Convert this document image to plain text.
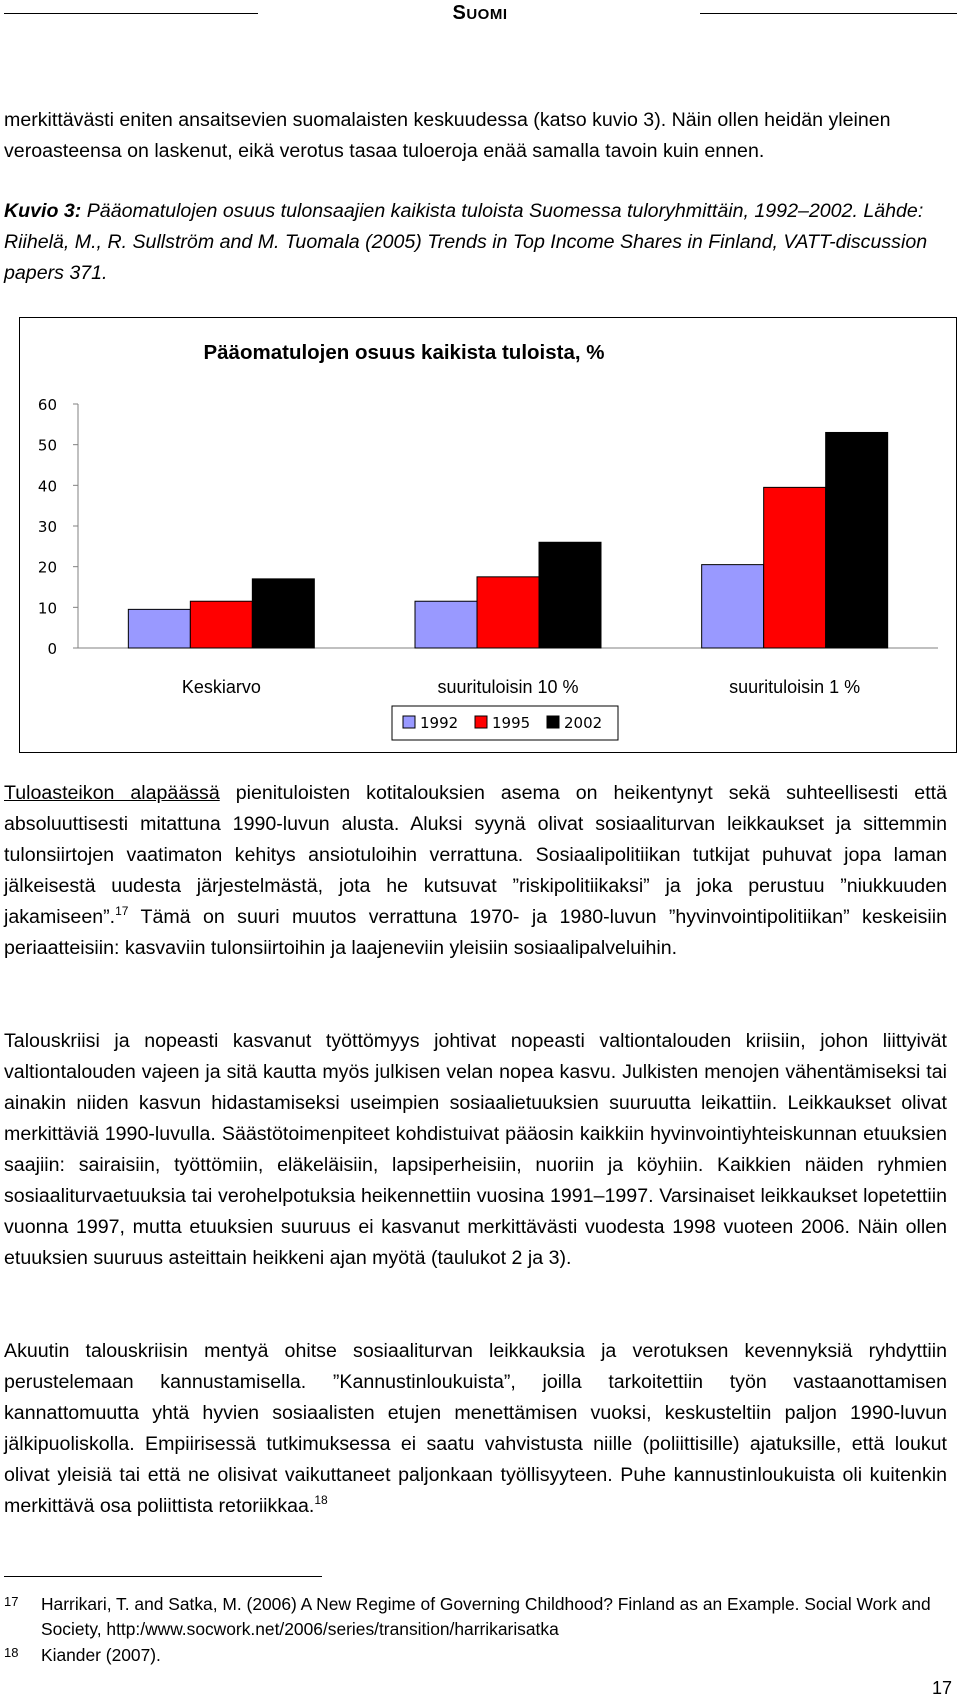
SUOMI

merkittävästi eniten ansaitsevien suomalaisten keskuudessa (katso kuvio 3). Näin ollen heidän yleinen veroasteensa on laskenut, eikä verotus tasaa tuloeroja enää samalla tavoin kuin ennen.

Kuvio 3: Pääomatulojen osuus tulonsaajien kaikista tuloista Suomessa tuloryhmittäin, 1992–2002. Lähde: Riihelä, M., R. Sullström and M. Tuomala (2005) Trends in Top Income Shares in Finland, VATT-discussion papers 371.

Pääomatulojen osuus kaikista tuloista, %
0
10
20
30
40
50
60
Keskiarvo	suurituloisin 10 %	suurituloisin 1 %
1992 1995 2002

Tuloasteikon alapäässä pienituloisten kotitalouksien asema on heikentynyt sekä suhteellisesti että absoluuttisesti mitattuna 1990-luvun alusta. Aluksi syynä olivat sosiaaliturvan leikkaukset ja sittemmin tulonsiirtojen vaatimaton kehitys ansiotuloihin verrattuna. Sosiaalipolitiikan tutkijat puhuvat jopa laman jälkeisestä uudesta järjestelmästä, jota he kutsuvat ”riskipolitiikaksi” ja joka perustuu ”niukkuuden jakamiseen”.$^{17}$ Tämä on suuri muutos verrattuna 1970- ja 1980-luvun ”hyvinvointipolitiikan” keskeisiin periaatteisiin: kasvaviin tulonsiirtoihin ja laajeneviin yleisiin sosiaalipalveluihin.

Talouskriisi ja nopeasti kasvanut työttömyys johtivat nopeasti valtiontalouden kriisiin, johon liittyivät valtiontalouden vajeen ja sitä kautta myös julkisen velan nopea kasvu. Julkisten menojen vähentämiseksi tai ainakin niiden kasvun hidastamiseksi useimpien sosiaalietuuksien suuruutta leikattiin. Leikkaukset olivat merkittäviä 1990-luvulla. Säästötoimenpiteet kohdistuivat pääosin kaikkiin hyvinvointiyhteiskunnan etuuksien saajiin: sairaisiin, työttömiin, eläkeläisiin, lapsiperheisiin, nuoriin ja köyhiin. Kaikkien näiden ryhmien sosiaaliturvaetuuksia tai verohelpotuksia heikennettiin vuosina 1991–1997. Varsinaiset leikkaukset lopetettiin vuonna 1997, mutta etuuksien suuruus ei kasvanut merkittävästi vuodesta 1998 vuoteen 2006. Näin ollen etuuksien suuruus asteittain heikkeni ajan myötä (taulukot 2 ja 3).

Akuutin talouskriisin mentyä ohitse sosiaaliturvan leikkauksia ja verotuksen kevennyksiä ryhdyttiin perustelemaan kannustamisella. ”Kannustinloukuista”, joilla tarkoitettiin työn vastaanottamisen kannattomuutta yhtä hyvien sosiaalisten etujen menettämisen vuoksi, keskusteltiin paljon 1990-luvun jälkipuoliskolla. Empiirisessä tutkimuksessa ei saatu vahvistusta niille (poliittisille) ajatuksille, että loukut olivat yleisiä tai että ne olisivat vaikuttaneet paljonkaan työllisyyteen. Puhe kannustinloukuista oli kuitenkin merkittävä osa poliittista retoriikkaa.$^{18}$

17 Harrikari, T. and Satka, M. (2006) A New Regime of Governing Childhood? Finland as an Example. Social Work and Society, http:/www.socwork.net/2006/series/transition/harrikarisatka
18 Kiander (2007).
17
